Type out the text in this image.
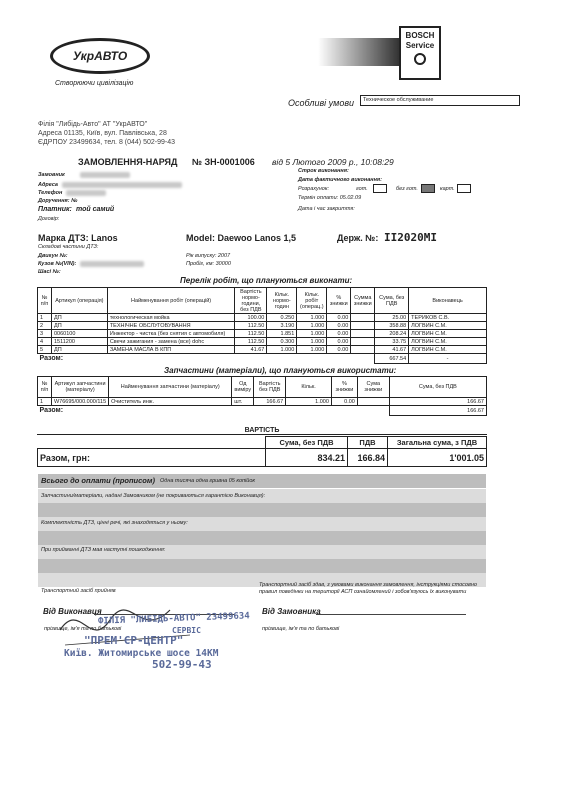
УкрАВТО
Створюючи цивілізацію
BOSCH
Service
Особливі умови	Техническое обслуживание
Філія "Либідь-Авто" АТ "УкрАВТО"
Адреса 01135, Київ, вул. Павлівська, 28
ЄДРПОУ 23499634, тел. 8 (044) 502-99-43
ЗАМОВЛЕННЯ-НАРЯД № ЗН-0001006 від 5 Лютого 2009 р., 10:08:29
Замовник
Адреса
Телефон
Доручення: №
Платник: той самий
Договір:
Строк виконання:
Дата фактичного виконання:
Розрахунок:	гот.	без гот.	карт.
Термін оплати: 05.02.09
Дата і час закриття:
Марка ДТЗ: Lanos	Model: Daewoo Lanos 1,5	Держ. №: II2020MI
Складові частини ДТЗ:
Двигун №:
Кузов №(VIN):
Шасі №:
Рік випуску: 2007
Пробіг, км: 30000
Перелік робіт, що плануються виконати:
№ п/п	Артикул (операція)	Найменування робіт (операцій)	Вартість нормо-години, без ПДВ	Кільк. нормо-годин	Кільк. робіт (операц.)	% знижки	Сумма знижки	Сума, без ПДВ	Виконавець
1	ДП	технологическая мойка	100.00	0.250	1.000	0.00		25.00	ТЕРИКОВ С.В.
2	ДП	ТЕХНІЧНЕ ОБСЛУГОВУВАННЯ	112.50	3.190	1.000	0.00		358.88	ЛОГВИН С.М.
3	0060100	Инжектор - чистка (без снятия с автомобиля)	112.50	1.851	1.000	0.00		208.24	ЛОГВИН С.М.
4	1511200	Свечи зажигания - замена (все) dohc	112.50	0.300	1.000	0.00		33.75	ЛОГВИН С.М.
5	ДП	ЗАМЕНА МАСЛА В КПП	41.67	1.000	1.000	0.00		41.67	ЛОГВИН С.М.
Разом:								667.54	-
Запчастини (матеріали), що плануються використати:
№ п/п	Артикул запчастини (матеріалу)	Найменування запчастини (матеріалу)	Од виміру	Вартість без ПДВ	Кільк.	% знижки	Сума знижки	Сума, без ПДВ
1	W76695/000.000/115	Очиститель инж.	шт.	166.67	1.000	0.00		166.67
Разом:								166.67
ВАРТІСТЬ
	Сума, без ПДВ	ПДВ	Загальна сума, з ПДВ
Разом, грн:	834.21	166.84	1'001.05
Всього до оплати (прописом) Одна тисяча одна гривна 05 копійок
Запчастини/матеріали, надані Замовником (не покриваються гарантією Виконавця):
Комплектність ДТЗ, цінні речі, які знаходяться у ньому:
При прийманні ДТЗ мав наступні пошкодження:
Транспортний засіб прийняв
Транспортний засіб здав, з умовами виконання замовлення, інструкціями стосовно правил поведінки на території АСП ознайомлений і зобов'язуюсь їх виконувати
Від Виконавця	Від Замовника
прізвище, ім'я та по батькові	прізвище, ім'я та по батькові
ФІЛІЯ "ЛИБІДЬ-АВТО" 23499634
СЕРВІС
"ПРЕМ'ЄР-ЦЕНТР"
Київ. Житомирське шосе 14КМ
502-99-43
